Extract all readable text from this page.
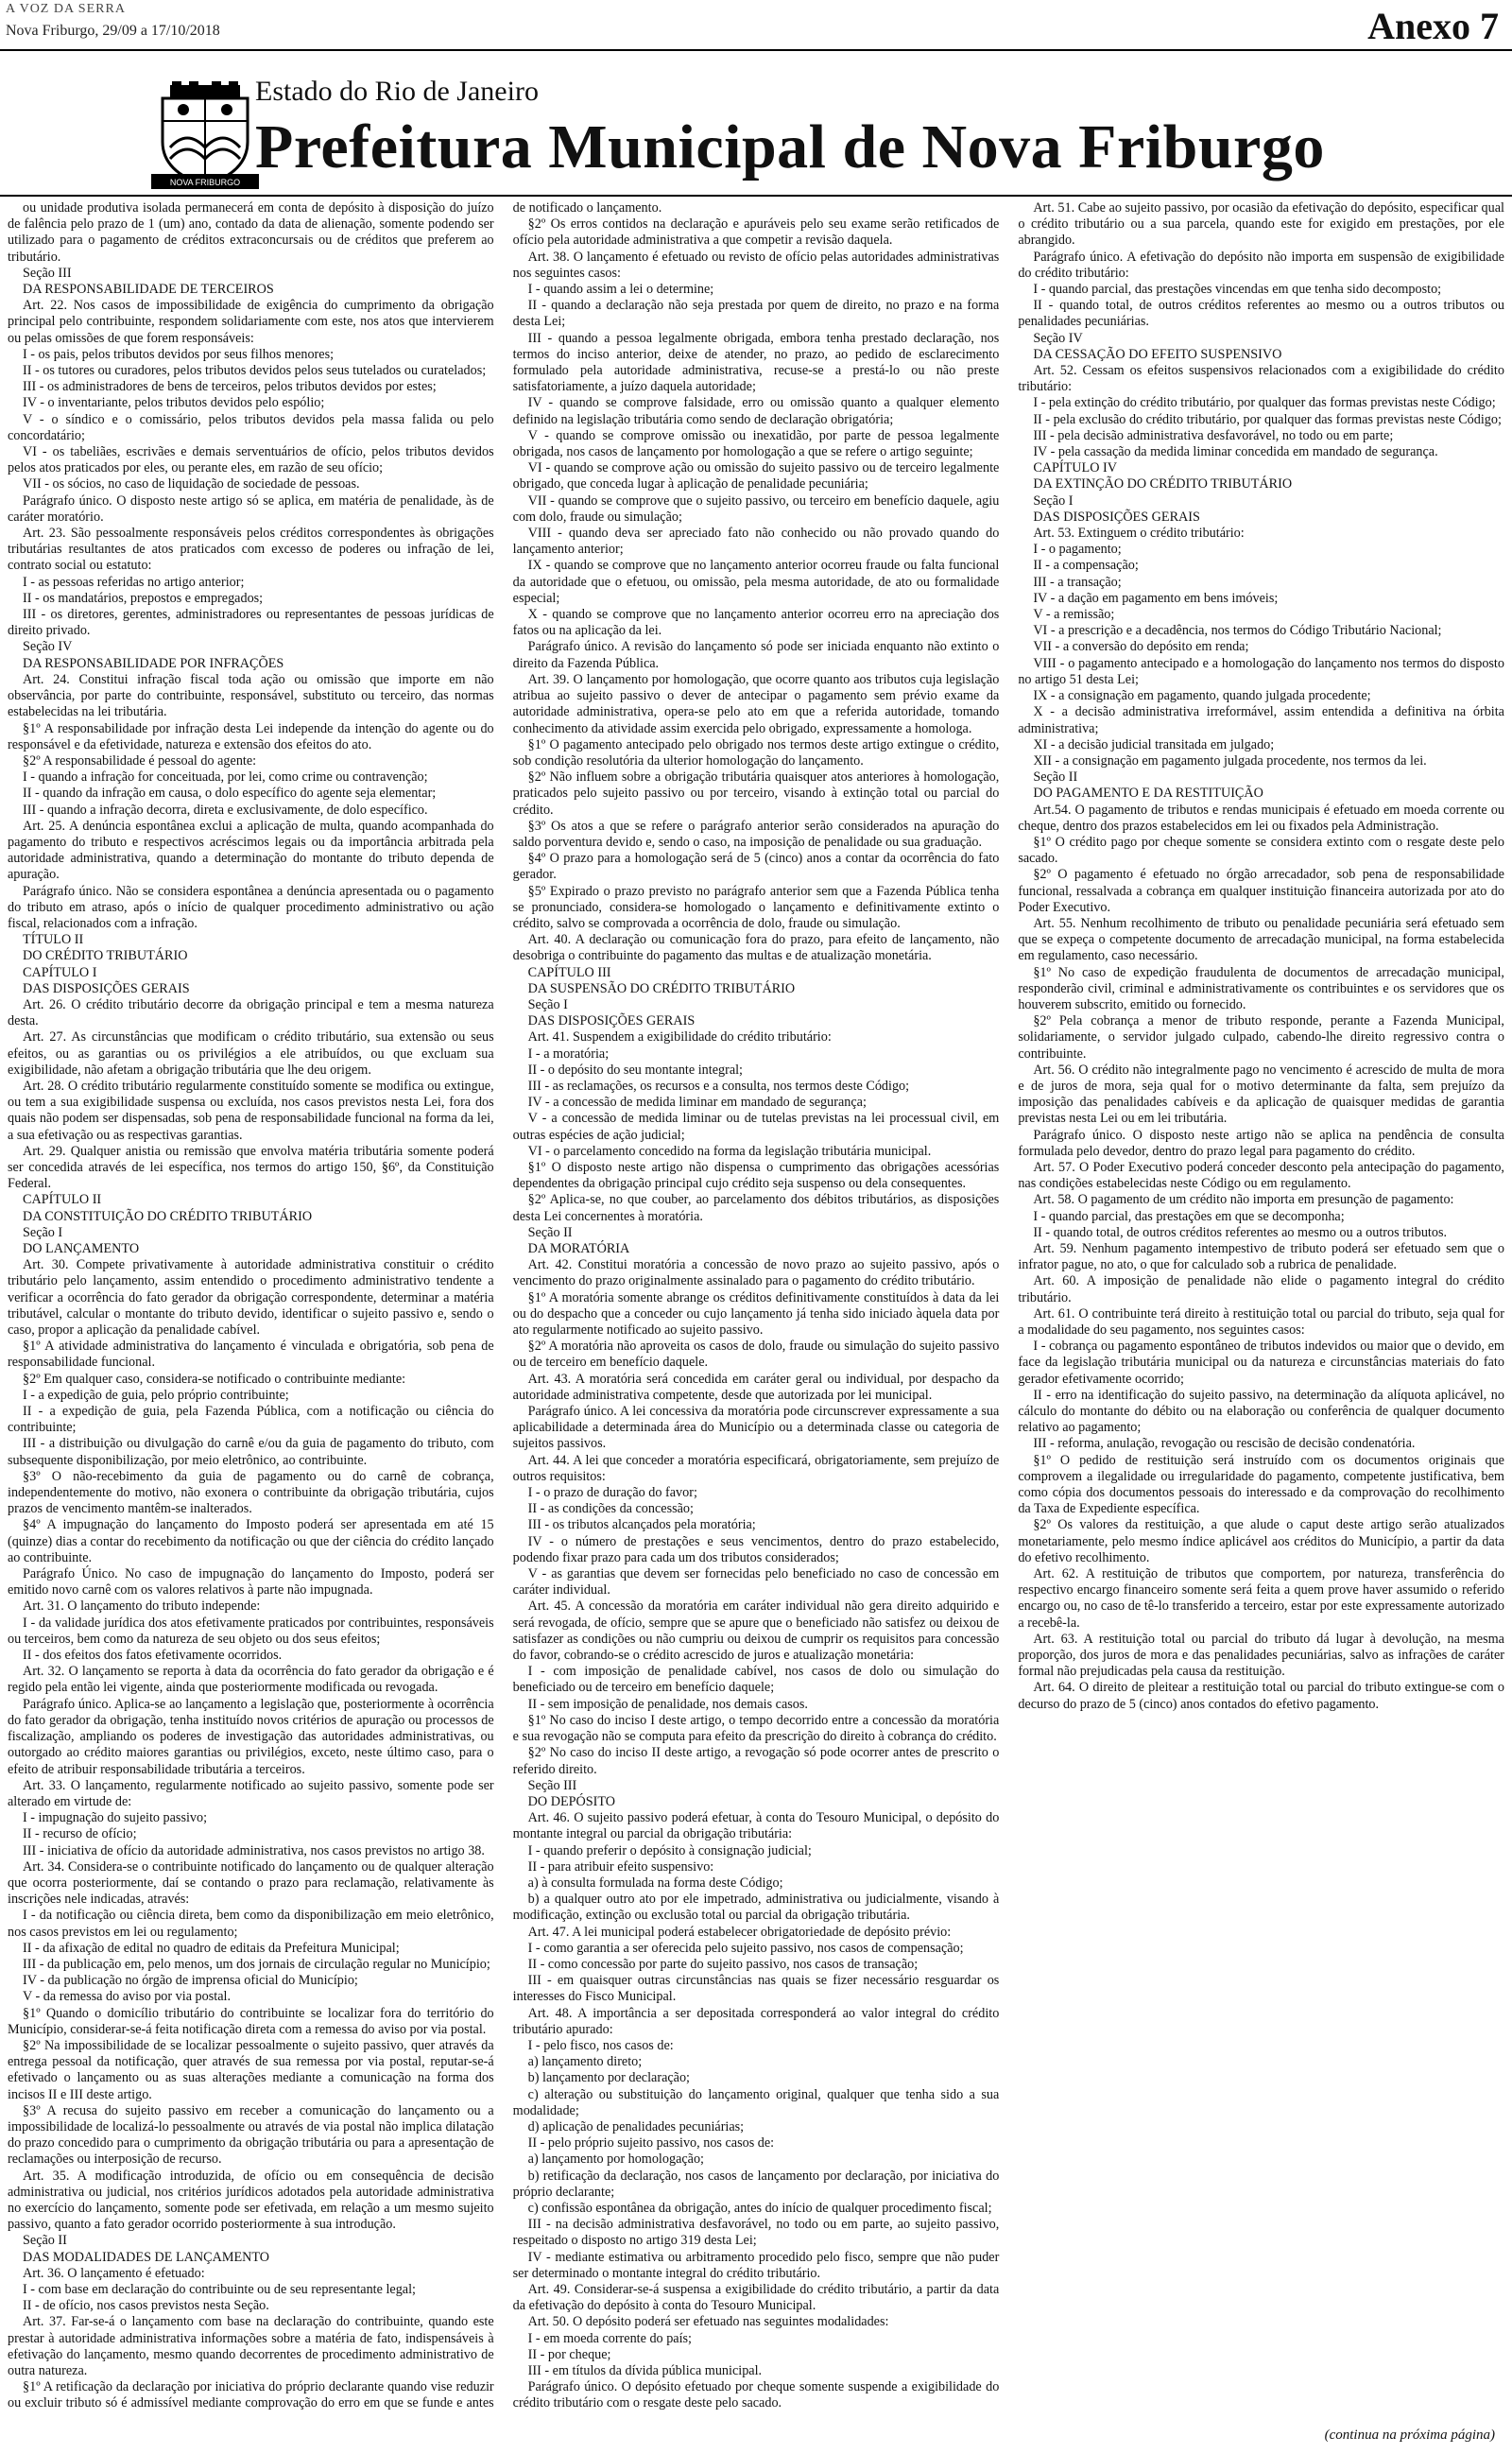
A VOZ DA SERRA
Nova Friburgo, 29/09 a 17/10/2018	Anexo 7
NOVA FRIBURGO
Estado do Rio de Janeiro
Prefeitura Municipal de Nova Friburgo

ou unidade produtiva isolada permanecerá em conta de depósito à disposição do juízo de falência pelo prazo de 1 (um) ano, contado da data de alienação, somente podendo ser utilizado para o pagamento de créditos extraconcursais ou de créditos que preferem ao tributário.

Seção III

DA RESPONSABILIDADE DE TERCEIROS

Art. 22. Nos casos de impossibilidade de exigência do cumprimento da obrigação principal pelo contribuinte, respondem solidariamente com este, nos atos que intervierem ou pelas omissões de que forem responsáveis:

I - os pais, pelos tributos devidos por seus filhos menores;

II - os tutores ou curadores, pelos tributos devidos pelos seus tutelados ou curatelados;

III - os administradores de bens de terceiros, pelos tributos devidos por estes;

IV - o inventariante, pelos tributos devidos pelo espólio;

V - o síndico e o comissário, pelos tributos devidos pela massa falida ou pelo concordatário;

VI - os tabeliães, escrivães e demais serventuários de ofício, pelos tributos devidos pelos atos praticados por eles, ou perante eles, em razão de seu ofício;

VII - os sócios, no caso de liquidação de sociedade de pessoas.

Parágrafo único. O disposto neste artigo só se aplica, em matéria de penalidade, às de caráter moratório.

Art. 23. São pessoalmente responsáveis pelos créditos correspondentes às obrigações tributárias resultantes de atos praticados com excesso de poderes ou infração de lei, contrato social ou estatuto:

I - as pessoas referidas no artigo anterior;

II - os mandatários, prepostos e empregados;

III - os diretores, gerentes, administradores ou representantes de pessoas jurídicas de direito privado.

Seção IV

DA RESPONSABILIDADE POR INFRAÇÕES

Art. 24. Constitui infração fiscal toda ação ou omissão que importe em não observância, por parte do contribuinte, responsável, substituto ou terceiro, das normas estabelecidas na lei tributária.

§1º A responsabilidade por infração desta Lei independe da intenção do agente ou do responsável e da efetividade, natureza e extensão dos efeitos do ato.

§2º A responsabilidade é pessoal do agente:

I - quando a infração for conceituada, por lei, como crime ou contravenção;

II - quando da infração em causa, o dolo específico do agente seja elementar;

III - quando a infração decorra, direta e exclusivamente, de dolo específico.

Art. 25. A denúncia espontânea exclui a aplicação de multa, quando acompanhada do pagamento do tributo e respectivos acréscimos legais ou da importância arbitrada pela autoridade administrativa, quando a determinação do montante do tributo dependa de apuração.

Parágrafo único. Não se considera espontânea a denúncia apresentada ou o pagamento do tributo em atraso, após o início de qualquer procedimento administrativo ou ação fiscal, relacionados com a infração.

TÍTULO II

DO CRÉDITO TRIBUTÁRIO

CAPÍTULO I

DAS DISPOSIÇÕES GERAIS

Art. 26. O crédito tributário decorre da obrigação principal e tem a mesma natureza desta.

Art. 27. As circunstâncias que modificam o crédito tributário, sua extensão ou seus efeitos, ou as garantias ou os privilégios a ele atribuídos, ou que excluam sua exigibilidade, não afetam a obrigação tributária que lhe deu origem.

Art. 28. O crédito tributário regularmente constituído somente se modifica ou extingue, ou tem a sua exigibilidade suspensa ou excluída, nos casos previstos nesta Lei, fora dos quais não podem ser dispensadas, sob pena de responsabilidade funcional na forma da lei, a sua efetivação ou as respectivas garantias.

Art. 29. Qualquer anistia ou remissão que envolva matéria tributária somente poderá ser concedida através de lei específica, nos termos do artigo 150, §6º, da Constituição Federal.

CAPÍTULO II

DA CONSTITUIÇÃO DO CRÉDITO TRIBUTÁRIO

Seção I

DO LANÇAMENTO

Art. 30. Compete privativamente à autoridade administrativa constituir o crédito tributário pelo lançamento, assim entendido o procedimento administrativo tendente a verificar a ocorrência do fato gerador da obrigação correspondente, determinar a matéria tributável, calcular o montante do tributo devido, identificar o sujeito passivo e, sendo o caso, propor a aplicação da penalidade cabível.

§1º A atividade administrativa do lançamento é vinculada e obrigatória, sob pena de responsabilidade funcional.

§2º Em qualquer caso, considera-se notificado o contribuinte mediante:

I - a expedição de guia, pelo próprio contribuinte;

II - a expedição de guia, pela Fazenda Pública, com a notificação ou ciência do contribuinte;

III - a distribuição ou divulgação do carnê e/ou da guia de pagamento do tributo, com subsequente disponibilização, por meio eletrônico, ao contribuinte.

§3º O não-recebimento da guia de pagamento ou do carnê de cobrança, independentemente do motivo, não exonera o contribuinte da obrigação tributária, cujos prazos de vencimento mantêm-se inalterados.

§4º A impugnação do lançamento do Imposto poderá ser apresentada em até 15 (quinze) dias a contar do recebimento da notificação ou que der ciência do crédito lançado ao contribuinte.

Parágrafo Único. No caso de impugnação do lançamento do Imposto, poderá ser emitido novo carnê com os valores relativos à parte não impugnada.

Art. 31. O lançamento do tributo independe:

I - da validade jurídica dos atos efetivamente praticados por contribuintes, responsáveis ou terceiros, bem como da natureza de seu objeto ou dos seus efeitos;

II - dos efeitos dos fatos efetivamente ocorridos.

Art. 32. O lançamento se reporta à data da ocorrência do fato gerador da obrigação e é regido pela então lei vigente, ainda que posteriormente modificada ou revogada.

Parágrafo único. Aplica-se ao lançamento a legislação que, posteriormente à ocorrência do fato gerador da obrigação, tenha instituído novos critérios de apuração ou processos de fiscalização, ampliando os poderes de investigação das autoridades administrativas, ou outorgado ao crédito maiores garantias ou privilégios, exceto, neste último caso, para o efeito de atribuir responsabilidade tributária a terceiros.

Art. 33. O lançamento, regularmente notificado ao sujeito passivo, somente pode ser alterado em virtude de:

I - impugnação do sujeito passivo;

II - recurso de ofício;

III - iniciativa de ofício da autoridade administrativa, nos casos previstos no artigo 38.

Art. 34. Considera-se o contribuinte notificado do lançamento ou de qualquer alteração que ocorra posteriormente, daí se contando o prazo para reclamação, relativamente às inscrições nele indicadas, através:

I - da notificação ou ciência direta, bem como da disponibilização em meio eletrônico, nos casos previstos em lei ou regulamento;

II - da afixação de edital no quadro de editais da Prefeitura Municipal;

III - da publicação em, pelo menos, um dos jornais de circulação regular no Município;

IV - da publicação no órgão de imprensa oficial do Município;

V - da remessa do aviso por via postal.

§1º Quando o domicílio tributário do contribuinte se localizar fora do território do Município, considerar-se-á feita notificação direta com a remessa do aviso por via postal.

§2º Na impossibilidade de se localizar pessoalmente o sujeito passivo, quer através da entrega pessoal da notificação, quer através de sua remessa por via postal, reputar-se-á efetivado o lançamento ou as suas alterações mediante a comunicação na forma dos incisos II e III deste artigo.

§3º A recusa do sujeito passivo em receber a comunicação do lançamento ou a impossibilidade de localizá-lo pessoalmente ou através de via postal não implica dilatação do prazo concedido para o cumprimento da obrigação tributária ou para a apresentação de reclamações ou interposição de recurso.

Art. 35. A modificação introduzida, de ofício ou em consequência de decisão administrativa ou judicial, nos critérios jurídicos adotados pela autoridade administrativa no exercício do lançamento, somente pode ser efetivada, em relação a um mesmo sujeito passivo, quanto a fato gerador ocorrido posteriormente à sua introdução.

Seção II

DAS MODALIDADES DE LANÇAMENTO

Art. 36. O lançamento é efetuado:

I - com base em declaração do contribuinte ou de seu representante legal;

II - de ofício, nos casos previstos nesta Seção.

Art. 37. Far-se-á o lançamento com base na declaração do contribuinte, quando este prestar à autoridade administrativa informações sobre a matéria de fato, indispensáveis à efetivação do lançamento, mesmo quando decorrentes de procedimento administrativo de outra natureza.

§1º A retificação da declaração por iniciativa do próprio declarante quando vise reduzir ou excluir tributo só é admissível mediante comprovação do erro em que se funde e antes de notificado o lançamento.

§2º Os erros contidos na declaração e apuráveis pelo seu exame serão retificados de ofício pela autoridade administrativa a que competir a revisão daquela.

Art. 38. O lançamento é efetuado ou revisto de ofício pelas autoridades administrativas nos seguintes casos:

I - quando assim a lei o determine;

II - quando a declaração não seja prestada por quem de direito, no prazo e na forma desta Lei;

III - quando a pessoa legalmente obrigada, embora tenha prestado declaração, nos termos do inciso anterior, deixe de atender, no prazo, ao pedido de esclarecimento formulado pela autoridade administrativa, recuse-se a prestá-lo ou não preste satisfatoriamente, a juízo daquela autoridade;

IV - quando se comprove falsidade, erro ou omissão quanto a qualquer elemento definido na legislação tributária como sendo de declaração obrigatória;

V - quando se comprove omissão ou inexatidão, por parte de pessoa legalmente obrigada, nos casos de lançamento por homologação a que se refere o artigo seguinte;

VI - quando se comprove ação ou omissão do sujeito passivo ou de terceiro legalmente obrigado, que conceda lugar à aplicação de penalidade pecuniária;

VII - quando se comprove que o sujeito passivo, ou terceiro em benefício daquele, agiu com dolo, fraude ou simulação;

VIII - quando deva ser apreciado fato não conhecido ou não provado quando do lançamento anterior;

IX - quando se comprove que no lançamento anterior ocorreu fraude ou falta funcional da autoridade que o efetuou, ou omissão, pela mesma autoridade, de ato ou formalidade especial;

X - quando se comprove que no lançamento anterior ocorreu erro na apreciação dos fatos ou na aplicação da lei.

Parágrafo único. A revisão do lançamento só pode ser iniciada enquanto não extinto o direito da Fazenda Pública.

Art. 39. O lançamento por homologação, que ocorre quanto aos tributos cuja legislação atribua ao sujeito passivo o dever de antecipar o pagamento sem prévio exame da autoridade administrativa, opera-se pelo ato em que a referida autoridade, tomando conhecimento da atividade assim exercida pelo obrigado, expressamente a homologa.

§1º O pagamento antecipado pelo obrigado nos termos deste artigo extingue o crédito, sob condição resolutória da ulterior homologação do lançamento.

§2º Não influem sobre a obrigação tributária quaisquer atos anteriores à homologação, praticados pelo sujeito passivo ou por terceiro, visando à extinção total ou parcial do crédito.

§3º Os atos a que se refere o parágrafo anterior serão considerados na apuração do saldo porventura devido e, sendo o caso, na imposição de penalidade ou sua graduação.

§4º O prazo para a homologação será de 5 (cinco) anos a contar da ocorrência do fato gerador.

§5º Expirado o prazo previsto no parágrafo anterior sem que a Fazenda Pública tenha se pronunciado, considera-se homologado o lançamento e definitivamente extinto o crédito, salvo se comprovada a ocorrência de dolo, fraude ou simulação.

Art. 40. A declaração ou comunicação fora do prazo, para efeito de lançamento, não desobriga o contribuinte do pagamento das multas e de atualização monetária.

CAPÍTULO III

DA SUSPENSÃO DO CRÉDITO TRIBUTÁRIO

Seção I

DAS DISPOSIÇÕES GERAIS

Art. 41. Suspendem a exigibilidade do crédito tributário:

I - a moratória;

II - o depósito do seu montante integral;

III - as reclamações, os recursos e a consulta, nos termos deste Código;

IV - a concessão de medida liminar em mandado de segurança;

V - a concessão de medida liminar ou de tutelas previstas na lei processual civil, em outras espécies de ação judicial;

VI - o parcelamento concedido na forma da legislação tributária municipal.

§1º O disposto neste artigo não dispensa o cumprimento das obrigações acessórias dependentes da obrigação principal cujo crédito seja suspenso ou dela consequentes.

§2º Aplica-se, no que couber, ao parcelamento dos débitos tributários, as disposições desta Lei concernentes à moratória.

Seção II

DA MORATÓRIA

Art. 42. Constitui moratória a concessão de novo prazo ao sujeito passivo, após o vencimento do prazo originalmente assinalado para o pagamento do crédito tributário.

§1º A moratória somente abrange os créditos definitivamente constituídos à data da lei ou do despacho que a conceder ou cujo lançamento já tenha sido iniciado àquela data por ato regularmente notificado ao sujeito passivo.

§2º A moratória não aproveita os casos de dolo, fraude ou simulação do sujeito passivo ou de terceiro em benefício daquele.

Art. 43. A moratória será concedida em caráter geral ou individual, por despacho da autoridade administrativa competente, desde que autorizada por lei municipal.

Parágrafo único. A lei concessiva da moratória pode circunscrever expressamente a sua aplicabilidade a determinada área do Município ou a determinada classe ou categoria de sujeitos passivos.

Art. 44. A lei que conceder a moratória especificará, obrigatoriamente, sem prejuízo de outros requisitos:

I - o prazo de duração do favor;

II - as condições da concessão;

III - os tributos alcançados pela moratória;

IV - o número de prestações e seus vencimentos, dentro do prazo estabelecido, podendo fixar prazo para cada um dos tributos considerados;

V - as garantias que devem ser fornecidas pelo beneficiado no caso de concessão em caráter individual.

Art. 45. A concessão da moratória em caráter individual não gera direito adquirido e será revogada, de ofício, sempre que se apure que o beneficiado não satisfez ou deixou de satisfazer as condições ou não cumpriu ou deixou de cumprir os requisitos para concessão do favor, cobrando-se o crédito acrescido de juros e atualização monetária:

I - com imposição de penalidade cabível, nos casos de dolo ou simulação do beneficiado ou de terceiro em benefício daquele;

II - sem imposição de penalidade, nos demais casos.

§1º No caso do inciso I deste artigo, o tempo decorrido entre a concessão da moratória e sua revogação não se computa para efeito da prescrição do direito à cobrança do crédito.

§2º No caso do inciso II deste artigo, a revogação só pode ocorrer antes de prescrito o referido direito.

Seção III

DO DEPÓSITO

Art. 46. O sujeito passivo poderá efetuar, à conta do Tesouro Municipal, o depósito do montante integral ou parcial da obrigação tributária:

I - quando preferir o depósito à consignação judicial;

II - para atribuir efeito suspensivo:

a) à consulta formulada na forma deste Código;

b) a qualquer outro ato por ele impetrado, administrativa ou judicialmente, visando à modificação, extinção ou exclusão total ou parcial da obrigação tributária.

Art. 47. A lei municipal poderá estabelecer obrigatoriedade de depósito prévio:

I - como garantia a ser oferecida pelo sujeito passivo, nos casos de compensação;

II - como concessão por parte do sujeito passivo, nos casos de transação;

III - em quaisquer outras circunstâncias nas quais se fizer necessário resguardar os interesses do Fisco Municipal.

Art. 48. A importância a ser depositada corresponderá ao valor integral do crédito tributário apurado:

I - pelo fisco, nos casos de:

a) lançamento direto;

b) lançamento por declaração;

c) alteração ou substituição do lançamento original, qualquer que tenha sido a sua modalidade;

d) aplicação de penalidades pecuniárias;

II - pelo próprio sujeito passivo, nos casos de:

a) lançamento por homologação;

b) retificação da declaração, nos casos de lançamento por declaração, por iniciativa do próprio declarante;

c) confissão espontânea da obrigação, antes do início de qualquer procedimento fiscal;

III - na decisão administrativa desfavorável, no todo ou em parte, ao sujeito passivo, respeitado o disposto no artigo 319 desta Lei;

IV - mediante estimativa ou arbitramento procedido pelo fisco, sempre que não puder ser determinado o montante integral do crédito tributário.

Art. 49. Considerar-se-á suspensa a exigibilidade do crédito tributário, a partir da data da efetivação do depósito à conta do Tesouro Municipal.

Art. 50. O depósito poderá ser efetuado nas seguintes modalidades:

I - em moeda corrente do país;

II - por cheque;

III - em títulos da dívida pública municipal.

Parágrafo único. O depósito efetuado por cheque somente suspende a exigibilidade do crédito tributário com o resgate deste pelo sacado.

Art. 51. Cabe ao sujeito passivo, por ocasião da efetivação do depósito, especificar qual o crédito tributário ou a sua parcela, quando este for exigido em prestações, por ele abrangido.

Parágrafo único. A efetivação do depósito não importa em suspensão de exigibilidade do crédito tributário:

I - quando parcial, das prestações vincendas em que tenha sido decomposto;

II - quando total, de outros créditos referentes ao mesmo ou a outros tributos ou penalidades pecuniárias.

Seção IV

DA CESSAÇÃO DO EFEITO SUSPENSIVO

Art. 52. Cessam os efeitos suspensivos relacionados com a exigibilidade do crédito tributário:

I - pela extinção do crédito tributário, por qualquer das formas previstas neste Código;

II - pela exclusão do crédito tributário, por qualquer das formas previstas neste Código;

III - pela decisão administrativa desfavorável, no todo ou em parte;

IV - pela cassação da medida liminar concedida em mandado de segurança.

CAPÍTULO IV

DA EXTINÇÃO DO CRÉDITO TRIBUTÁRIO

Seção I

DAS DISPOSIÇÕES GERAIS

Art. 53. Extinguem o crédito tributário:

I - o pagamento;

II - a compensação;

III - a transação;

IV - a dação em pagamento em bens imóveis;

V - a remissão;

VI - a prescrição e a decadência, nos termos do Código Tributário Nacional;

VII - a conversão do depósito em renda;

VIII - o pagamento antecipado e a homologação do lançamento nos termos do disposto no artigo 51 desta Lei;

IX - a consignação em pagamento, quando julgada procedente;

X - a decisão administrativa irreformável, assim entendida a definitiva na órbita administrativa;

XI - a decisão judicial transitada em julgado;

XII - a consignação em pagamento julgada procedente, nos termos da lei.

Seção II

DO PAGAMENTO E DA RESTITUIÇÃO

Art.54. O pagamento de tributos e rendas municipais é efetuado em moeda corrente ou cheque, dentro dos prazos estabelecidos em lei ou fixados pela Administração.

§1º O crédito pago por cheque somente se considera extinto com o resgate deste pelo sacado.

§2º O pagamento é efetuado no órgão arrecadador, sob pena de responsabilidade funcional, ressalvada a cobrança em qualquer instituição financeira autorizada por ato do Poder Executivo.

Art. 55. Nenhum recolhimento de tributo ou penalidade pecuniária será efetuado sem que se expeça o competente documento de arrecadação municipal, na forma estabelecida em regulamento, caso necessário.

§1º No caso de expedição fraudulenta de documentos de arrecadação municipal, responderão civil, criminal e administrativamente os contribuintes e os servidores que os houverem subscrito, emitido ou fornecido.

§2º Pela cobrança a menor de tributo responde, perante a Fazenda Municipal, solidariamente, o servidor julgado culpado, cabendo-lhe direito regressivo contra o contribuinte.

Art. 56. O crédito não integralmente pago no vencimento é acrescido de multa de mora e de juros de mora, seja qual for o motivo determinante da falta, sem prejuízo da imposição das penalidades cabíveis e da aplicação de quaisquer medidas de garantia previstas nesta Lei ou em lei tributária.

Parágrafo único. O disposto neste artigo não se aplica na pendência de consulta formulada pelo devedor, dentro do prazo legal para pagamento do crédito.

Art. 57. O Poder Executivo poderá conceder desconto pela antecipação do pagamento, nas condições estabelecidas neste Código ou em regulamento.

Art. 58. O pagamento de um crédito não importa em presunção de pagamento:

I - quando parcial, das prestações em que se decomponha;

II - quando total, de outros créditos referentes ao mesmo ou a outros tributos.

Art. 59. Nenhum pagamento intempestivo de tributo poderá ser efetuado sem que o infrator pague, no ato, o que for calculado sob a rubrica de penalidade.

Art. 60. A imposição de penalidade não elide o pagamento integral do crédito tributário.

Art. 61. O contribuinte terá direito à restituição total ou parcial do tributo, seja qual for a modalidade do seu pagamento, nos seguintes casos:

I - cobrança ou pagamento espontâneo de tributos indevidos ou maior que o devido, em face da legislação tributária municipal ou da natureza e circunstâncias materiais do fato gerador efetivamente ocorrido;

II - erro na identificação do sujeito passivo, na determinação da alíquota aplicável, no cálculo do montante do débito ou na elaboração ou conferência de qualquer documento relativo ao pagamento;

III - reforma, anulação, revogação ou rescisão de decisão condenatória.

§1º O pedido de restituição será instruído com os documentos originais que comprovem a ilegalidade ou irregularidade do pagamento, competente justificativa, bem como cópia dos documentos pessoais do interessado e da comprovação do recolhimento da Taxa de Expediente específica.

§2º Os valores da restituição, a que alude o caput deste artigo serão atualizados monetariamente, pelo mesmo índice aplicável aos créditos do Município, a partir da data do efetivo recolhimento.

Art. 62. A restituição de tributos que comportem, por natureza, transferência do respectivo encargo financeiro somente será feita a quem prove haver assumido o referido encargo ou, no caso de tê-lo transferido a terceiro, estar por este expressamente autorizado a recebê-la.

Art. 63. A restituição total ou parcial do tributo dá lugar à devolução, na mesma proporção, dos juros de mora e das penalidades pecuniárias, salvo as infrações de caráter formal não prejudicadas pela causa da restituição.

Art. 64. O direito de pleitear a restituição total ou parcial do tributo extingue-se com o decurso do prazo de 5 (cinco) anos contados do efetivo pagamento.

(continua na próxima página)
